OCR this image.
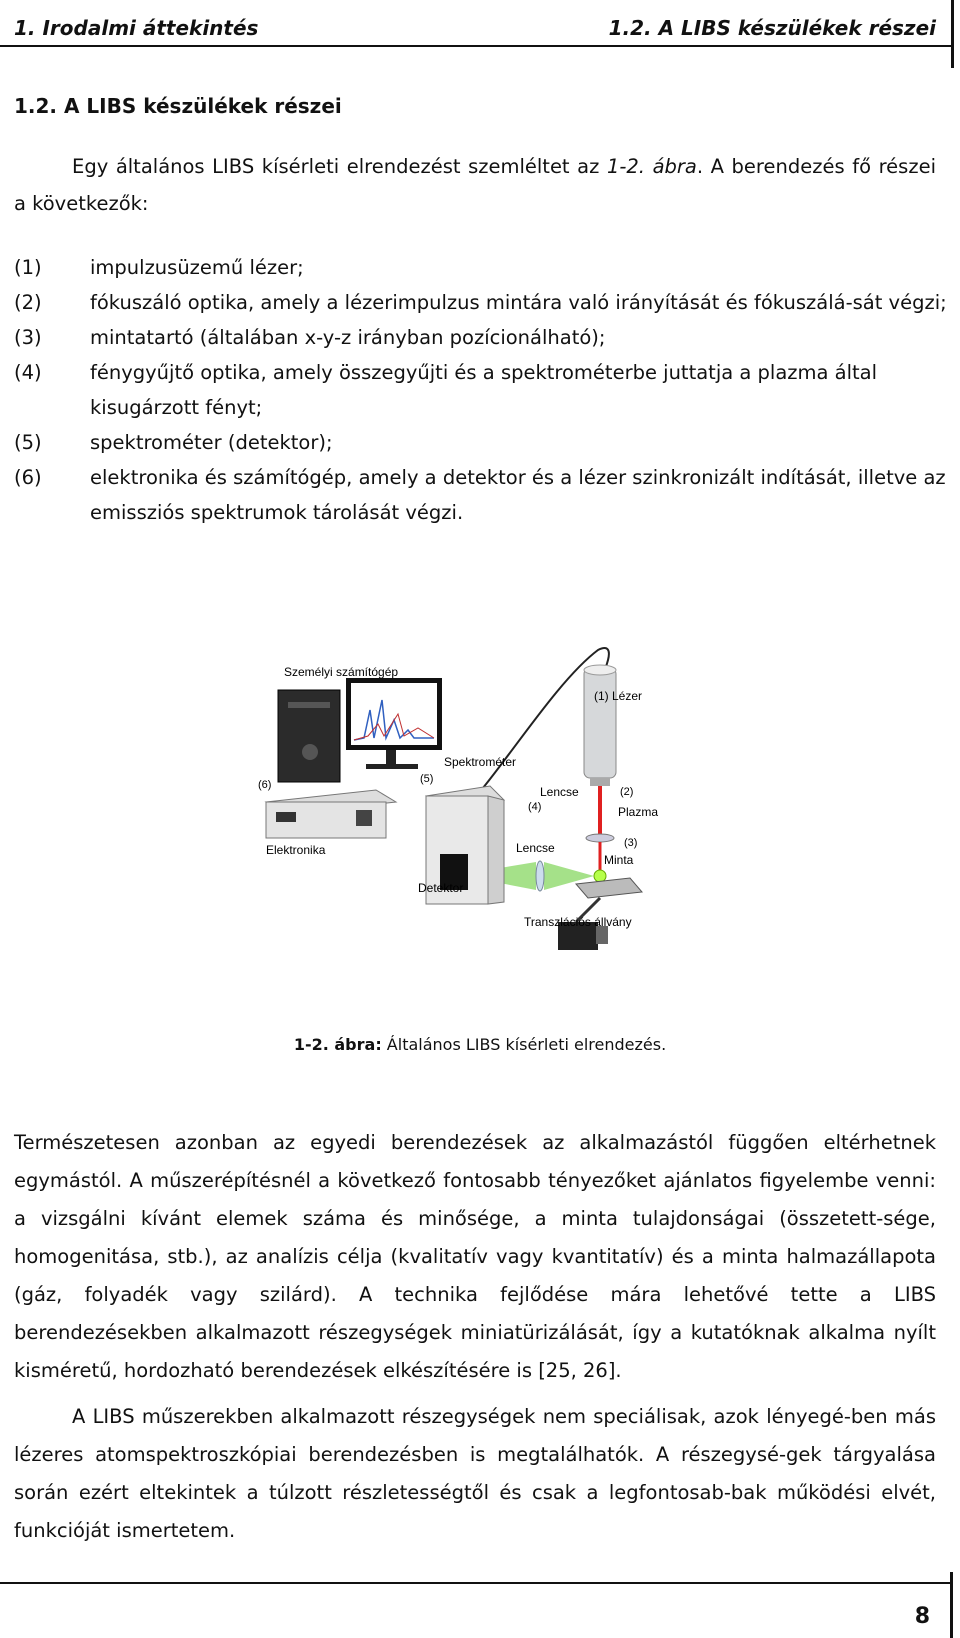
1. Irodalmi áttekintés	1.2. A LIBS készülékek részei
1.2. A LIBS készülékek részei
Egy általános LIBS kísérleti elrendezést szemléltet az 1-2. ábra. A berendezés fő részei a következők:
(1) impulzusüzemű lézer;
(2) fókuszáló optika, amely a lézerimpulzus mintára való irányítását és fókuszálá-sát végzi;
(3) mintatartó (általában x-y-z irányban pozícionálható);
(4) fénygyűjtő optika, amely összegyűjti és a spektrométerbe juttatja a plazma által kisugárzott fényt;
(5) spektrométer (detektor);
(6) elektronika és számítógép, amely a detektor és a lézer szinkronizált indítását, illetve az emissziós spektrumok tárolását végzi.
Személyi számítógép
(1) Lézer
Spektrométer
(6)	(5)
Lencse	(2)
(4)	Plazma
(3)
Elektronika	Lencse
Minta
Detektor
Transzlációs állvány
1-2. ábra: Általános LIBS kísérleti elrendezés.
Természetesen azonban az egyedi berendezések az alkalmazástól függően eltérhetnek egymástól. A műszerépítésnél a következő fontosabb tényezőket ajánlatos figyelembe venni: a vizsgálni kívánt elemek száma és minősége, a minta tulajdonságai (összetett-sége, homogenitása, stb.), az analízis célja (kvalitatív vagy kvantitatív) és a minta halmazállapota (gáz, folyadék vagy szilárd). A technika fejlődése mára lehetővé tette a LIBS berendezésekben alkalmazott részegységek miniatürizálását, így a kutatóknak alkalma nyílt kisméretű, hordozható berendezések elkészítésére is [25, 26].
A LIBS műszerekben alkalmazott részegységek nem speciálisak, azok lényegé-ben más lézeres atomspektroszkópiai berendezésben is megtalálhatók. A részegysé-gek tárgyalása során ezért eltekintek a túlzott részletességtől és csak a legfontosab-bak működési elvét, funkcióját ismertetem.
8
